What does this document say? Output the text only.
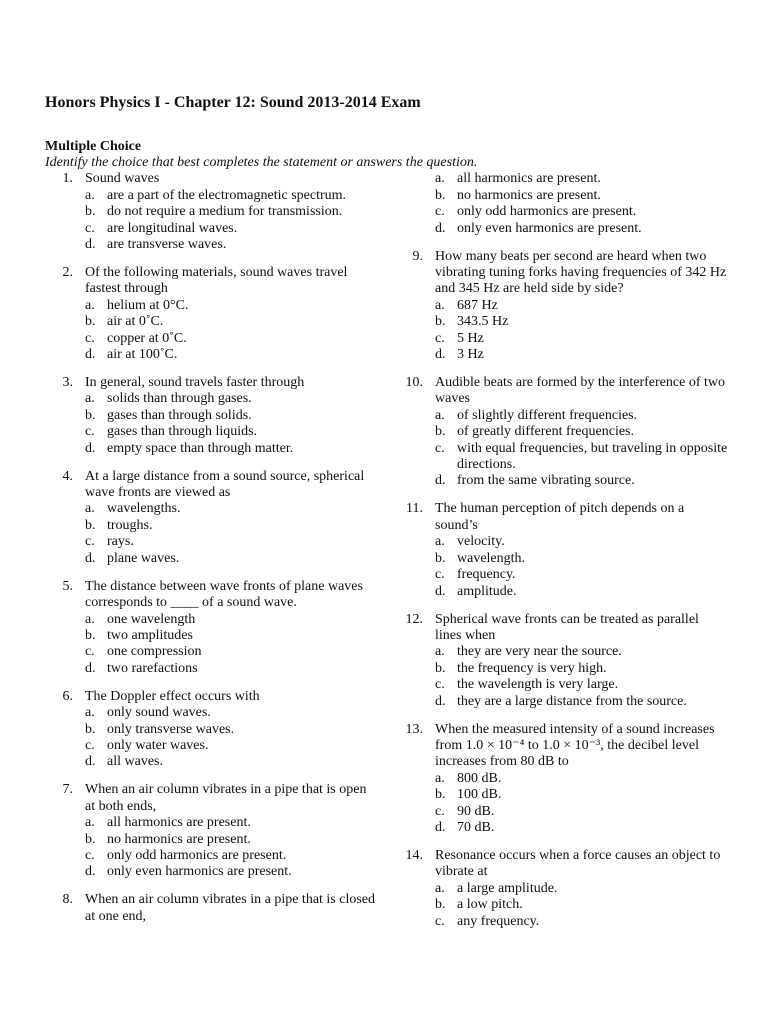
Honors Physics I - Chapter 12: Sound 2013-2014 Exam
Multiple Choice
Identify the choice that best completes the statement or answers the question.
1. Sound waves
a. are a part of the electromagnetic spectrum.
b. do not require a medium for transmission.
c. are longitudinal waves.
d. are transverse waves.
2. Of the following materials, sound waves travel
fastest through
a. helium at 0°C.
b. air at 0˚C.
c. copper at 0˚C.
d. air at 100˚C.
3. In general, sound travels faster through
a. solids than through gases.
b. gases than through solids.
c. gases than through liquids.
d. empty space than through matter.
4. At a large distance from a sound source, spherical
wave fronts are viewed as
a. wavelengths.
b. troughs.
c. rays.
d. plane waves.
5. The distance between wave fronts of plane waves
corresponds to ____ of a sound wave.
a. one wavelength
b. two amplitudes
c. one compression
d. two rarefactions
6. The Doppler effect occurs with
a. only sound waves.
b. only transverse waves.
c. only water waves.
d. all waves.
7. When an air column vibrates in a pipe that is open
at both ends,
a. all harmonics are present.
b. no harmonics are present.
c. only odd harmonics are present.
d. only even harmonics are present.
8. When an air column vibrates in a pipe that is closed
at one end,
a. all harmonics are present.
b. no harmonics are present.
c. only odd harmonics are present.
d. only even harmonics are present.
9. How many beats per second are heard when two
vibrating tuning forks having frequencies of 342 Hz
and 345 Hz are held side by side?
a. 687 Hz
b. 343.5 Hz
c. 5 Hz
d. 3 Hz
10. Audible beats are formed by the interference of two
waves
a. of slightly different frequencies.
b. of greatly different frequencies.
c. with equal frequencies, but traveling in opposite
directions.
d. from the same vibrating source.
11. The human perception of pitch depends on a
sound’s
a. velocity.
b. wavelength.
c. frequency.
d. amplitude.
12. Spherical wave fronts can be treated as parallel
lines when
a. they are very near the source.
b. the frequency is very high.
c. the wavelength is very large.
d. they are a large distance from the source.
13. When the measured intensity of a sound increases
from 1.0 × 10⁻⁴ to 1.0 × 10⁻³, the decibel level
increases from 80 dB to
a. 800 dB.
b. 100 dB.
c. 90 dB.
d. 70 dB.
14. Resonance occurs when a force causes an object to
vibrate at
a. a large amplitude.
b. a low pitch.
c. any frequency.
